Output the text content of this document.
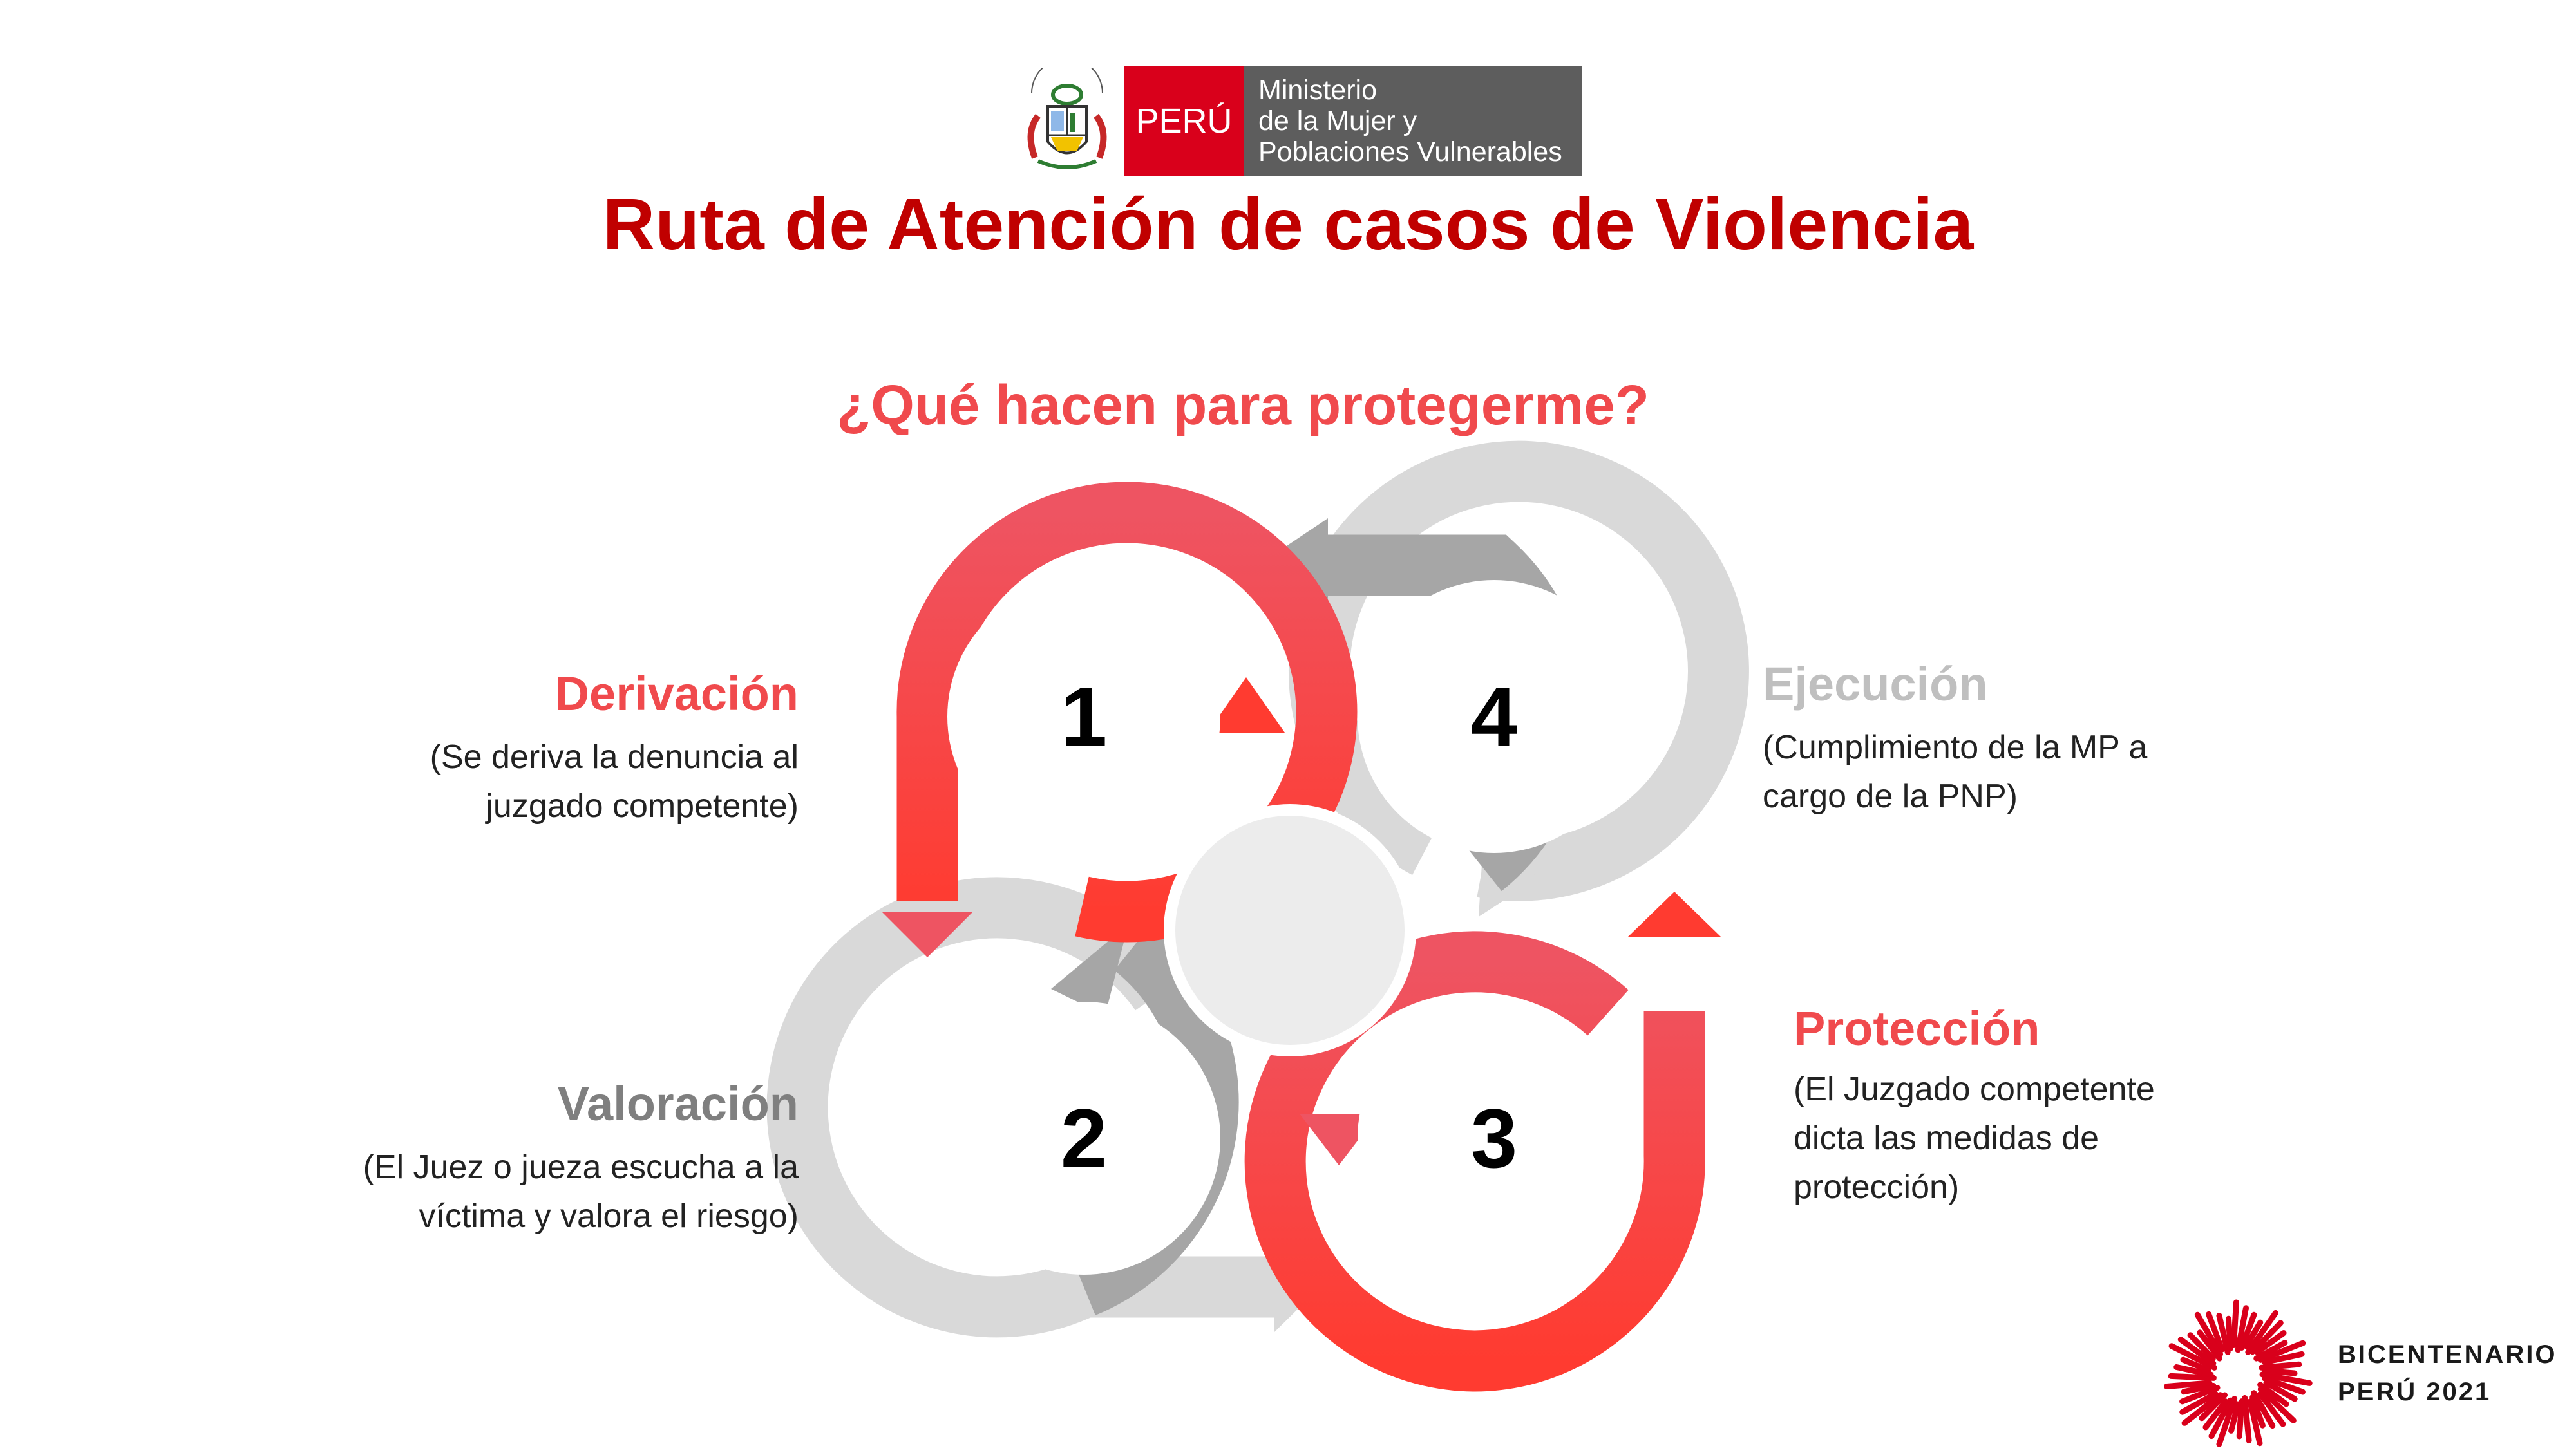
PERÚ
Ministerio
de la Mujer y
Poblaciones Vulnerables
Ruta de Atención de casos de Violencia
¿Qué hacen para protegerme?
1	4
2	3
Derivación
(Se deriva la denuncia al
juzgado competente)
Valoración
(El Juez o jueza escucha a la
víctima y valora el riesgo)
Protección
(El Juzgado competente
dicta las medidas de
protección)
Ejecución
(Cumplimiento de la MP a
cargo de la PNP)
BICENTENARIO
PERÚ 2021
